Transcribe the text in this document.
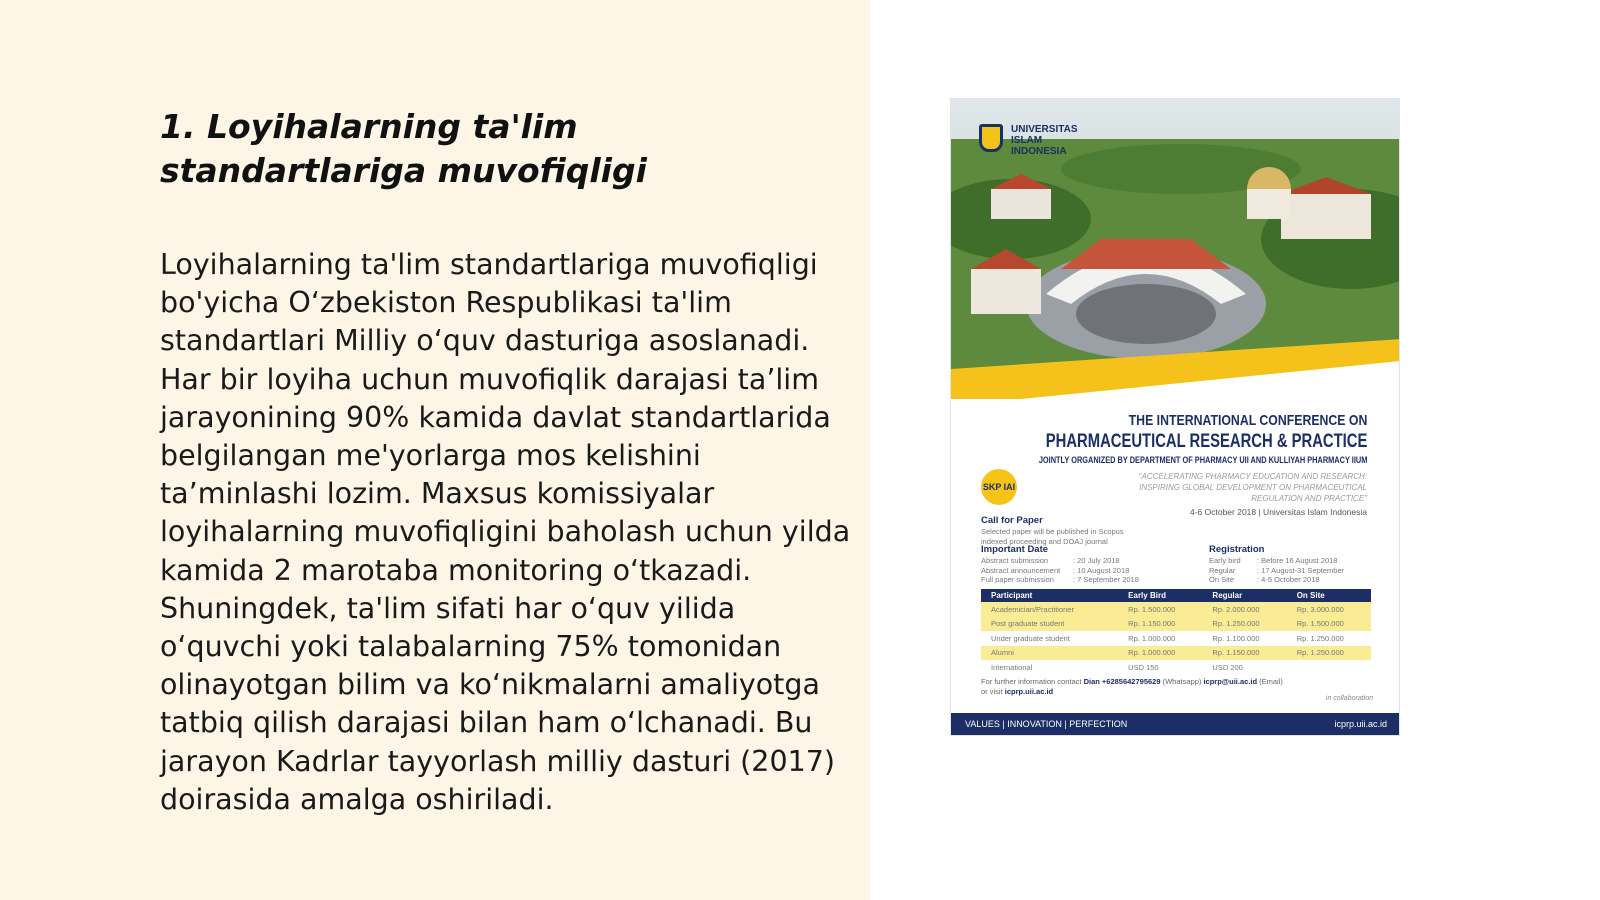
1. Loyihalarning ta'lim standartlariga muvofiqligi

Loyihalarning ta'lim standartlariga muvofiqligi bo'yicha O‘zbekiston Respublikasi ta'lim standartlari Milliy o‘quv dasturiga asoslanadi. Har bir loyiha uchun muvofiqlik darajasi ta’lim jarayonining 90% kamida davlat standartlarida belgilangan me'yorlarga mos kelishini ta’minlashi lozim. Maxsus komissiyalar loyihalarning muvofiqligini baholash uchun yilda kamida 2 marotaba monitoring o‘tkazadi. Shuningdek, ta'lim sifati har o‘quv yilida o‘quvchi yoki talabalarning 75% tomonidan olinayotgan bilim va ko‘nikmalarni amaliyotga tatbiq qilish darajasi bilan ham o‘lchanadi. Bu jarayon Kadrlar tayyorlash milliy dasturi (2017) doirasida amalga oshiriladi.

UNIVERSITAS ISLAM INDONESIA
THE INTERNATIONAL CONFERENCE ON
PHARMACEUTICAL RESEARCH & PRACTICE
JOINTLY ORGANIZED BY DEPARTMENT OF PHARMACY UII AND KULLIYAH PHARMACY IIUM
"ACCELERATING PHARMACY EDUCATION AND RESEARCH: INSPIRING GLOBAL DEVELOPMENT ON PHARMACEUTICAL REGULATION AND PRACTICE"
4-6 October 2018 | Universitas Islam Indonesia
SKP IAI
Call for Paper
Selected paper will be published in Scopus
indexed proceeding and DOAJ journal
Important Date
Abstract submission	: 20 July 2018
Abstract announcement	: 10 August 2018
Full paper submission	: 7 September 2018
Registration
Early bird	: Before 16 August 2018
Regular	: 17 August-31 September
On Site	: 4-5 October 2018
Participant	Early Bird	Regular	On Site
Academician/Practitioner	Rp. 1.500.000	Rp. 2.000.000	Rp. 3.000.000
Post graduate student	Rp. 1.150.000	Rp. 1.250.000	Rp. 1.500.000
Under graduate student	Rp. 1.000.000	Rp. 1.100.000	Rp. 1.250.000
Alumni	Rp. 1.000.000	Rp. 1.150.000	Rp. 1.250.000
International	USD 150	USD 200	
For further information contact Dian +6285642795629 (Whatsapp) icprp@uii.ac.id (Email)
or visit icprp.uii.ac.id
in collaboration
VALUES | INNOVATION | PERFECTION	icprp.uii.ac.id
